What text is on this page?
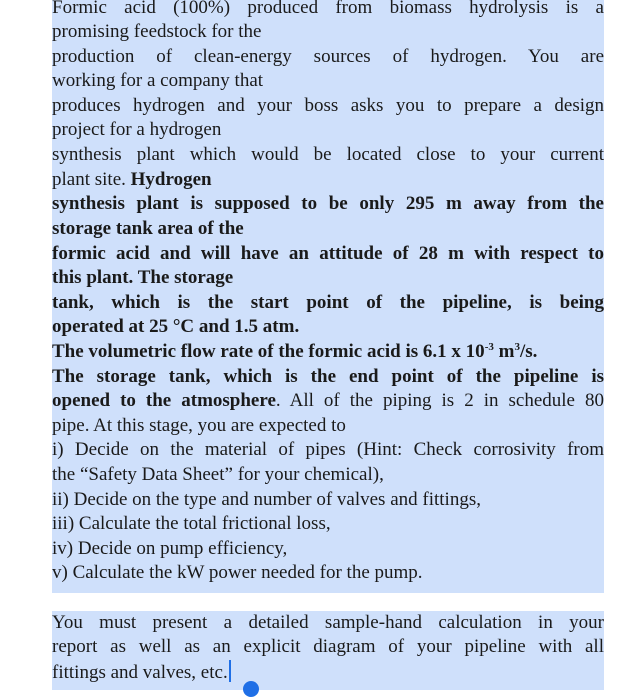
Formic acid (100%) produced from biomass hydrolysis is a
promising feedstock for the
production of clean-energy sources of hydrogen. You are
working for a company that
produces hydrogen and your boss asks you to prepare a design
project for a hydrogen
synthesis plant which would be located close to your current
plant site. Hydrogen
synthesis plant is supposed to be only 295 m away from the
storage tank area of the
formic acid and will have an attitude of 28 m with respect to
this plant. The storage
tank, which is the start point of the pipeline, is being
operated at 25 °C and 1.5 atm.
The volumetric flow rate of the formic acid is 6.1 x $10^{-3}$ $m^3/s$.
The storage tank, which is the end point of the pipeline is
opened to the atmosphere. All of the piping is 2 in schedule 80
pipe. At this stage, you are expected to
i) Decide on the material of pipes (Hint: Check corrosivity from
the “Safety Data Sheet” for your chemical),
ii) Decide on the type and number of valves and fittings,
iii) Calculate the total frictional loss,
iv) Decide on pump efficiency,
v) Calculate the kW power needed for the pump.
You must present a detailed sample-hand calculation in your
report as well as an explicit diagram of your pipeline with all
fittings and valves, etc.
